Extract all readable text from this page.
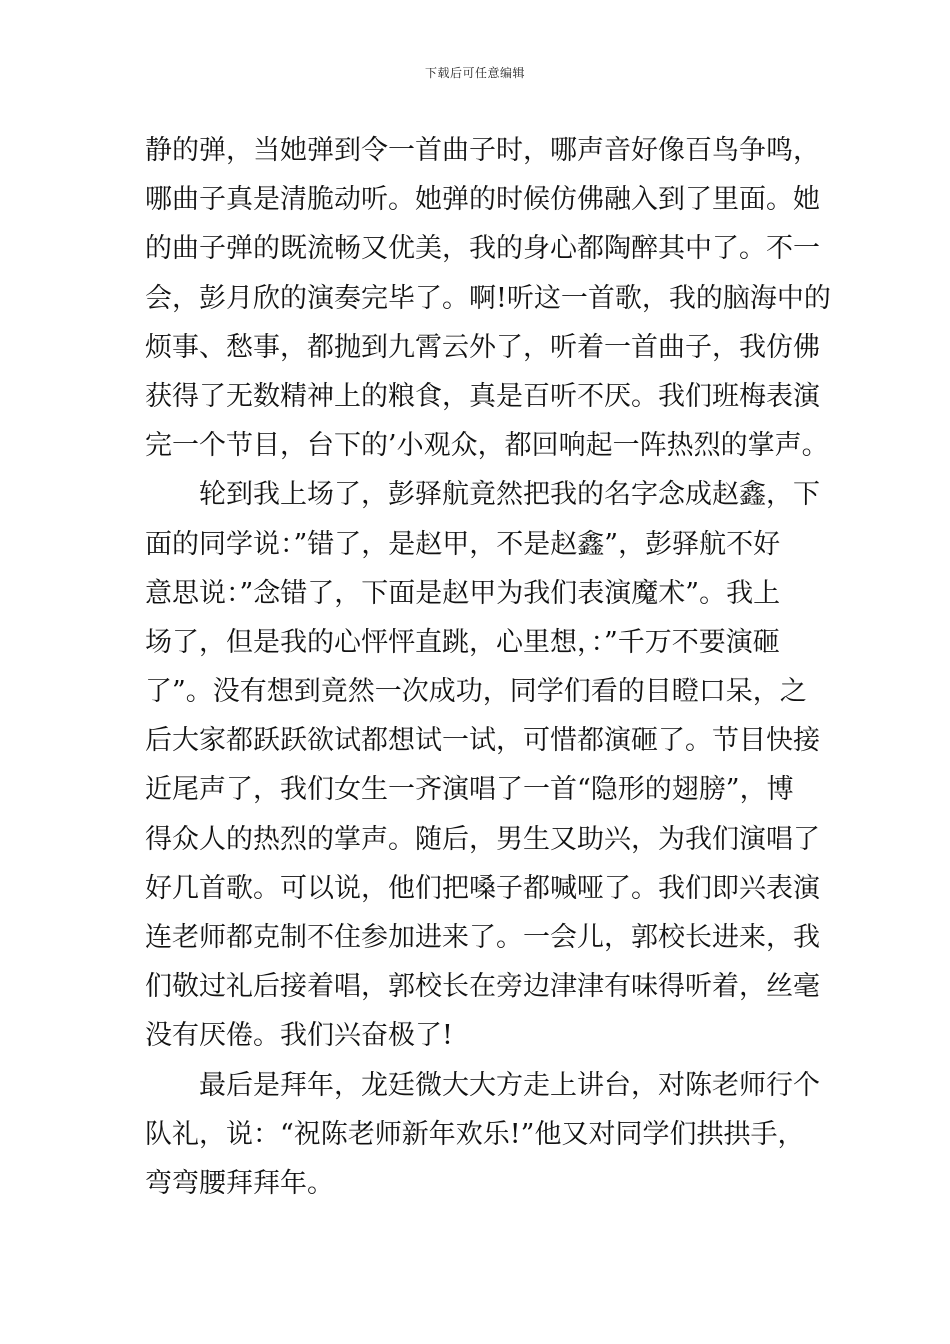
下载后可任意编辑
静的弹，当她弹到令一首曲子时，哪声音好像百鸟争鸣，
哪曲子真是清脆动听。她弹的时候仿佛融入到了里面。她
的曲子弹的既流畅又优美，我的身心都陶醉其中了。不一
会，彭月欣的演奏完毕了。啊!听这一首歌，我的脑海中的
烦事、愁事，都抛到九霄云外了，听着一首曲子，我仿佛
获得了无数精神上的粮食，真是百听不厌。我们班梅表演
完一个节目，台下的’小观众，都回响起一阵热烈的掌声。
轮到我上场了，彭驿航竟然把我的名字念成赵鑫，下
面的同学说：”错了，是赵甲，不是赵鑫”，彭驿航不好
意思说：”念错了，下面是赵甲为我们表演魔术”。我上
场了，但是我的心怦怦直跳，心里想，：”千万不要演砸
了”。没有想到竟然一次成功，同学们看的目瞪口呆，之
后大家都跃跃欲试都想试一试，可惜都演砸了。节目快接
近尾声了，我们女生一齐演唱了一首“隐形的翅膀”，博
得众人的热烈的掌声。随后，男生又助兴，为我们演唱了
好几首歌。可以说，他们把嗓子都喊哑了。我们即兴表演
连老师都克制不住参加进来了。一会儿，郭校长进来，我
们敬过礼后接着唱，郭校长在旁边津津有味得听着，丝毫
没有厌倦。我们兴奋极了!
最后是拜年，龙廷微大大方走上讲台，对陈老师行个
队礼，说：“祝陈老师新年欢乐!”他又对同学们拱拱手，
弯弯腰拜拜年。
